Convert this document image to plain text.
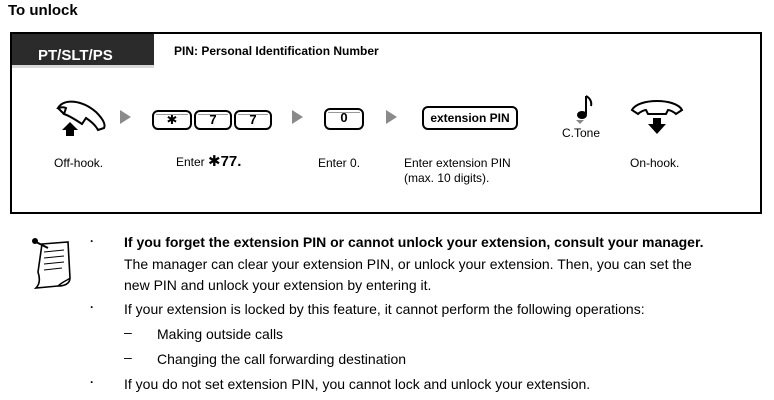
To unlock
PT/SLT/PS	PIN: Personal Identification Number
✱	7	7	0	extension PIN
C.Tone
Off-hook.	Enter ✱77.	Enter 0.	Enter extension PIN
(max. 10 digits).
On-hook.
· If you forget the extension PIN or cannot unlock your extension, consult your manager.
The manager can clear your extension PIN, or unlock your extension. Then, you can set the
new PIN and unlock your extension by entering it.
· If your extension is locked by this feature, it cannot perform the following operations:
– Making outside calls
– Changing the call forwarding destination
· If you do not set extension PIN, you cannot lock and unlock your extension.
